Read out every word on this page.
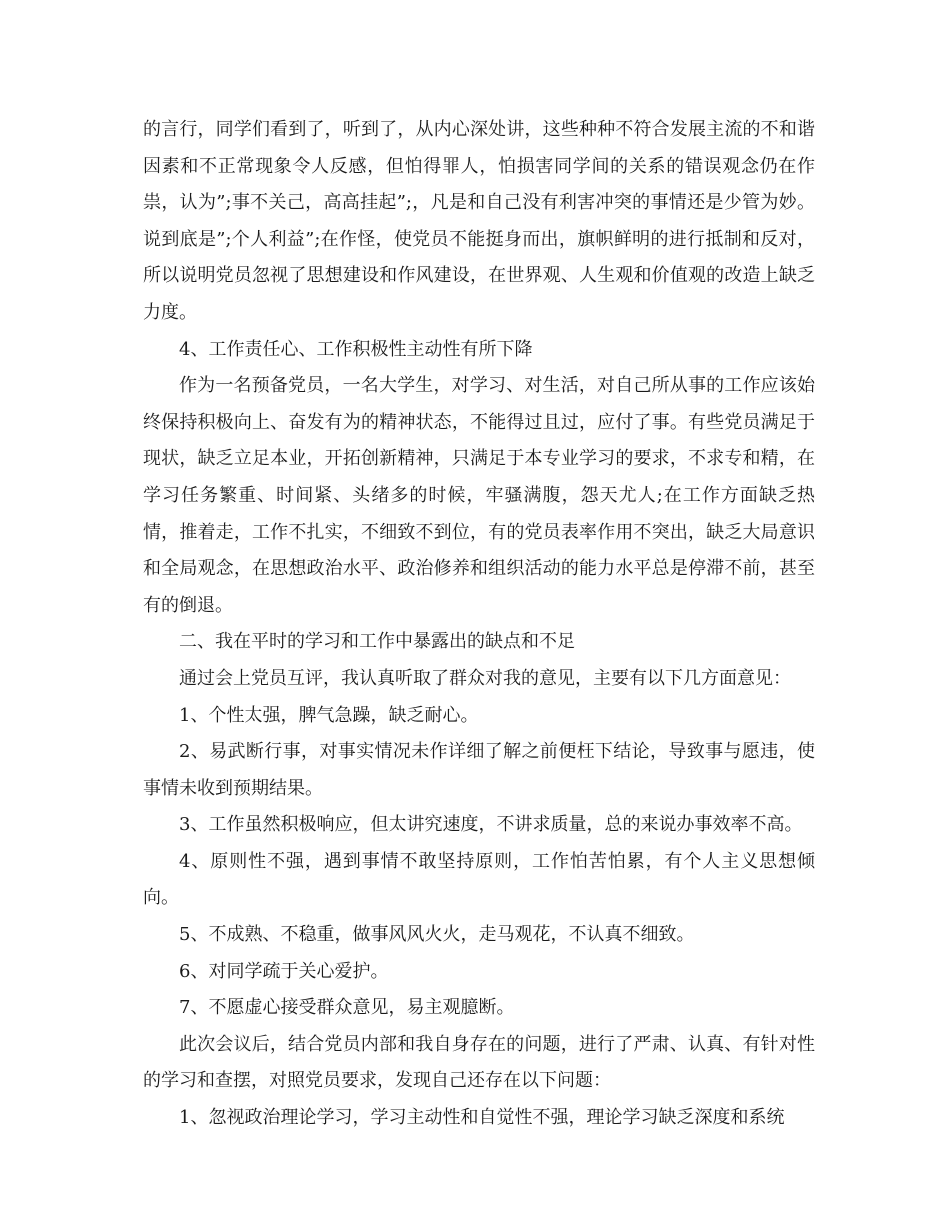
的言行，同学们看到了，听到了，从内心深处讲，这些种种不符合发展主流的不和谐因素和不正常现象令人反感，但怕得罪人，怕损害同学间的关系的错误观念仍在作祟，认为”;事不关己，高高挂起”;，凡是和自己没有利害冲突的事情还是少管为妙。说到底是”;个人利益”;在作怪，使党员不能挺身而出，旗帜鲜明的进行抵制和反对，所以说明党员忽视了思想建设和作风建设，在世界观、人生观和价值观的改造上缺乏力度。

4、工作责任心、工作积极性主动性有所下降

作为一名预备党员，一名大学生，对学习、对生活，对自己所从事的工作应该始终保持积极向上、奋发有为的精神状态，不能得过且过，应付了事。有些党员满足于现状，缺乏立足本业，开拓创新精神，只满足于本专业学习的要求，不求专和精，在学习任务繁重、时间紧、头绪多的时候，牢骚满腹，怨天尤人;在工作方面缺乏热情，推着走，工作不扎实，不细致不到位，有的党员表率作用不突出，缺乏大局意识和全局观念，在思想政治水平、政治修养和组织活动的能力水平总是停滞不前，甚至有的倒退。

二、我在平时的学习和工作中暴露出的缺点和不足

通过会上党员互评，我认真听取了群众对我的意见，主要有以下几方面意见：

1、个性太强，脾气急躁，缺乏耐心。

2、易武断行事，对事实情况未作详细了解之前便枉下结论，导致事与愿违，使事情未收到预期结果。

3、工作虽然积极响应，但太讲究速度，不讲求质量，总的来说办事效率不高。

4、原则性不强，遇到事情不敢坚持原则，工作怕苦怕累，有个人主义思想倾向。

5、不成熟、不稳重，做事风风火火，走马观花，不认真不细致。

6、对同学疏于关心爱护。

7、不愿虚心接受群众意见，易主观臆断。

此次会议后，结合党员内部和我自身存在的问题，进行了严肃、认真、有针对性的学习和查摆，对照党员要求，发现自己还存在以下问题：

1、忽视政治理论学习，学习主动性和自觉性不强，理论学习缺乏深度和系统
